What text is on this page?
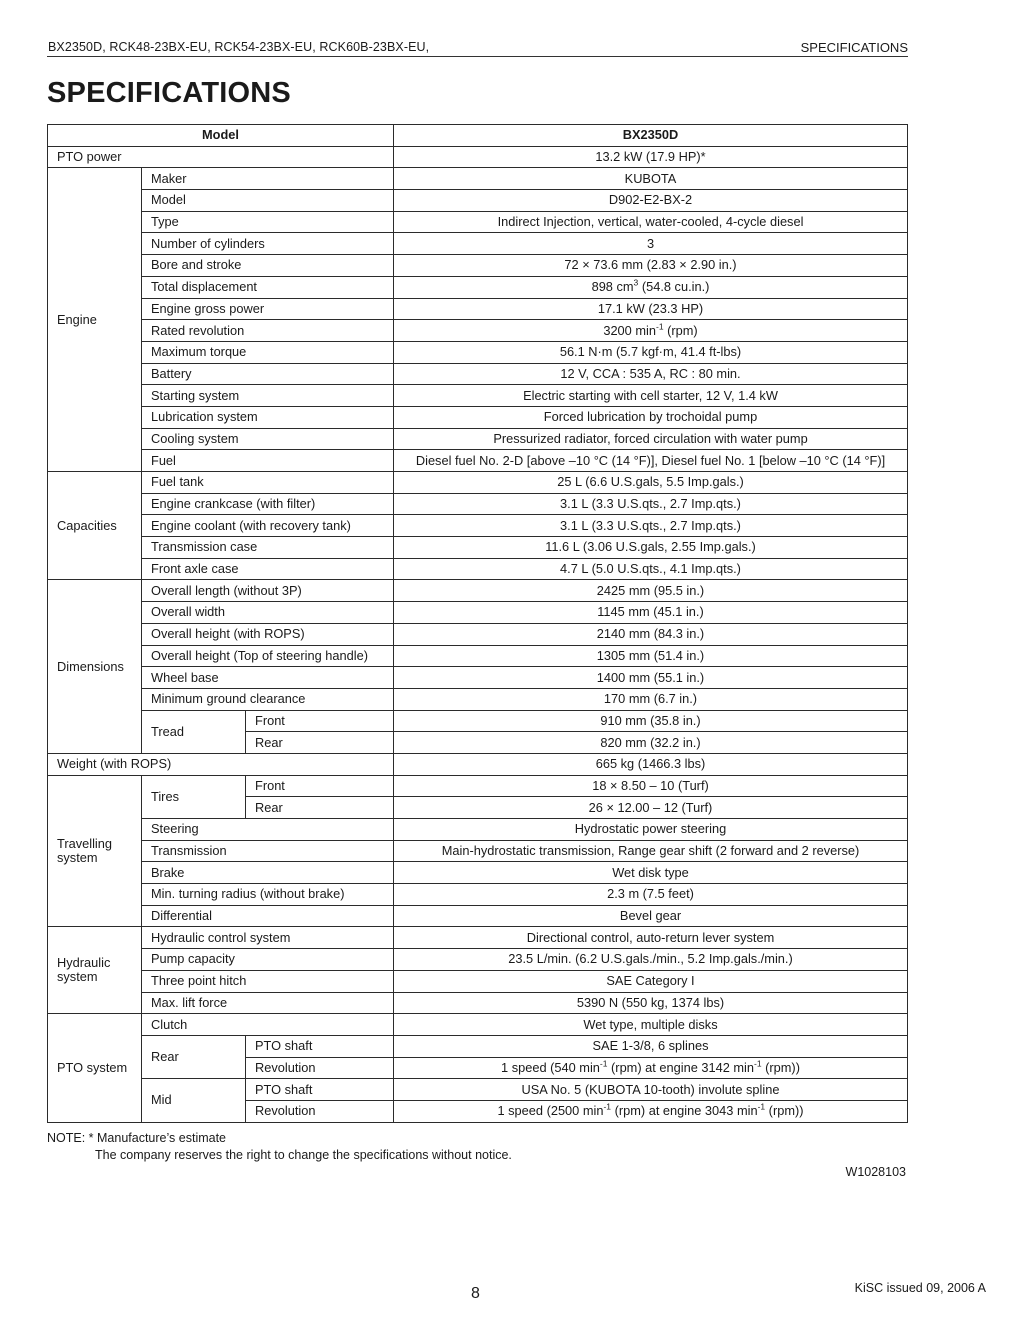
BX2350D, RCK48-23BX-EU, RCK54-23BX-EU, RCK60B-23BX-EU,	SPECIFICATIONS
SPECIFICATIONS
Model			BX2350D
PTO power			13.2 kW (17.9 HP)*
Engine	Maker		KUBOTA
	Model		D902-E2-BX-2
	Type		Indirect Injection, vertical, water-cooled, 4-cycle diesel
	Number of cylinders		3
	Bore and stroke		72 × 73.6 mm (2.83 × 2.90 in.)
	Total displacement		898 $cm^3$ (54.8 cu.in.)
	Engine gross power		17.1 kW (23.3 HP)
	Rated revolution		3200 $\min^{-1} (rpm)$
	Maximum torque		56.1 N·m (5.7 kgf·m, 41.4 ft-lbs)
	Battery		12 V, CCA : 535 A, RC : 80 min.
	Starting system		Electric starting with cell starter, 12 V, 1.4 kW
	Lubrication system		Forced lubrication by trochoidal pump
	Cooling system		Pressurized radiator, forced circulation with water pump
	Fuel		Diesel fuel No. 2-D [above –10 °C (14 °F)], Diesel fuel No. 1 [below –10 °C (14 °F)]
Capacities	Fuel tank		25 L (6.6 U.S.gals, 5.5 Imp.gals.)
	Engine crankcase (with filter)		3.1 L (3.3 U.S.qts., 2.7 Imp.qts.)
	Engine coolant (with recovery tank)		3.1 L (3.3 U.S.qts., 2.7 Imp.qts.)
	Transmission case		11.6 L (3.06 U.S.gals, 2.55 Imp.gals.)
	Front axle case		4.7 L (5.0 U.S.qts., 4.1 Imp.qts.)
Dimensions	Overall length (without 3P)		2425 mm (95.5 in.)
	Overall width		1145 mm (45.1 in.)
	Overall height (with ROPS)		2140 mm (84.3 in.)
	Overall height (Top of steering handle)		1305 mm (51.4 in.)
	Wheel base		1400 mm (55.1 in.)
	Minimum ground clearance		170 mm (6.7 in.)
	Tread	Front	910 mm (35.8 in.)
		Rear	820 mm (32.2 in.)
Weight (with ROPS)			665 kg (1466.3 lbs)
Travelling system	Tires	Front	18 × 8.50 – 10 (Turf)
		Rear	26 × 12.00 – 12 (Turf)
	Steering		Hydrostatic power steering
	Transmission		Main-hydrostatic transmission, Range gear shift (2 forward and 2 reverse)
	Brake		Wet disk type
	Min. turning radius (without brake)		2.3 m (7.5 feet)
	Differential		Bevel gear
Hydraulic system	Hydraulic control system		Directional control, auto-return lever system
	Pump capacity		23.5 L/min. (6.2 U.S.gals./min., 5.2 Imp.gals./min.)
	Three point hitch		SAE Category I
	Max. lift force		5390 N (550 kg, 1374 lbs)
PTO system	Clutch		Wet type, multiple disks
	Rear	PTO shaft	SAE 1-3/8, 6 splines
		Revolution	1 speed (540 $\min^{-1} (rpm)$ at engine 3142 $\min^{-1} (rpm)$)
	Mid	PTO shaft	USA No. 5 (KUBOTA 10-tooth) involute spline
		Revolution	1 speed (2500 $\min^{-1} (rpm)$ at engine 3043 $\min^{-1} (rpm)$)
NOTE: * Manufacture’s estimate
The company reserves the right to change the specifications without notice.
W1028103
8	KiSC issued 09, 2006 A
